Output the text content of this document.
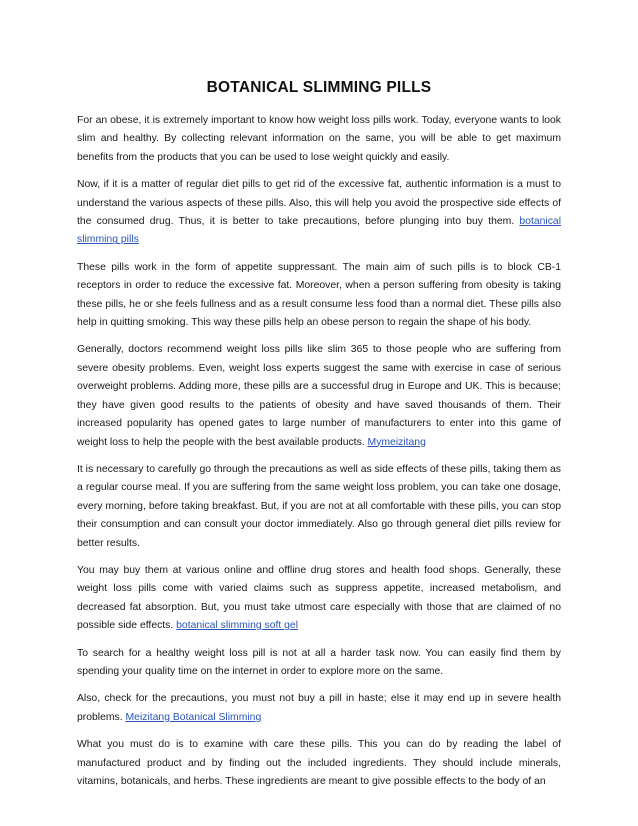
BOTANICAL SLIMMING PILLS

For an obese, it is extremely important to know how weight loss pills work. Today, everyone wants to look slim and healthy. By collecting relevant information on the same, you will be able to get maximum benefits from the products that you can be used to lose weight quickly and easily.

Now, if it is a matter of regular diet pills to get rid of the excessive fat, authentic information is a must to understand the various aspects of these pills. Also, this will help you avoid the prospective side effects of the consumed drug. Thus, it is better to take precautions, before plunging into buy them. botanical slimming pills

These pills work in the form of appetite suppressant. The main aim of such pills is to block CB-1 receptors in order to reduce the excessive fat. Moreover, when a person suffering from obesity is taking these pills, he or she feels fullness and as a result consume less food than a normal diet. These pills also help in quitting smoking. This way these pills help an obese person to regain the shape of his body.

Generally, doctors recommend weight loss pills like slim 365 to those people who are suffering from severe obesity problems. Even, weight loss experts suggest the same with exercise in case of serious overweight problems. Adding more, these pills are a successful drug in Europe and UK. This is because; they have given good results to the patients of obesity and have saved thousands of them. Their increased popularity has opened gates to large number of manufacturers to enter into this game of weight loss to help the people with the best available products. Mymeizitang

It is necessary to carefully go through the precautions as well as side effects of these pills, taking them as a regular course meal. If you are suffering from the same weight loss problem, you can take one dosage, every morning, before taking breakfast. But, if you are not at all comfortable with these pills, you can stop their consumption and can consult your doctor immediately. Also go through general diet pills review for better results.

You may buy them at various online and offline drug stores and health food shops. Generally, these weight loss pills come with varied claims such as suppress appetite, increased metabolism, and decreased fat absorption. But, you must take utmost care especially with those that are claimed of no possible side effects. botanical slimming soft gel

To search for a healthy weight loss pill is not at all a harder task now. You can easily find them by spending your quality time on the internet in order to explore more on the same.

Also, check for the precautions, you must not buy a pill in haste; else it may end up in severe health problems. Meizitang Botanical Slimming

What you must do is to examine with care these pills. This you can do by reading the label of manufactured product and by finding out the included ingredients. They should include minerals, vitamins, botanicals, and herbs. These ingredients are meant to give possible effects to the body of an
